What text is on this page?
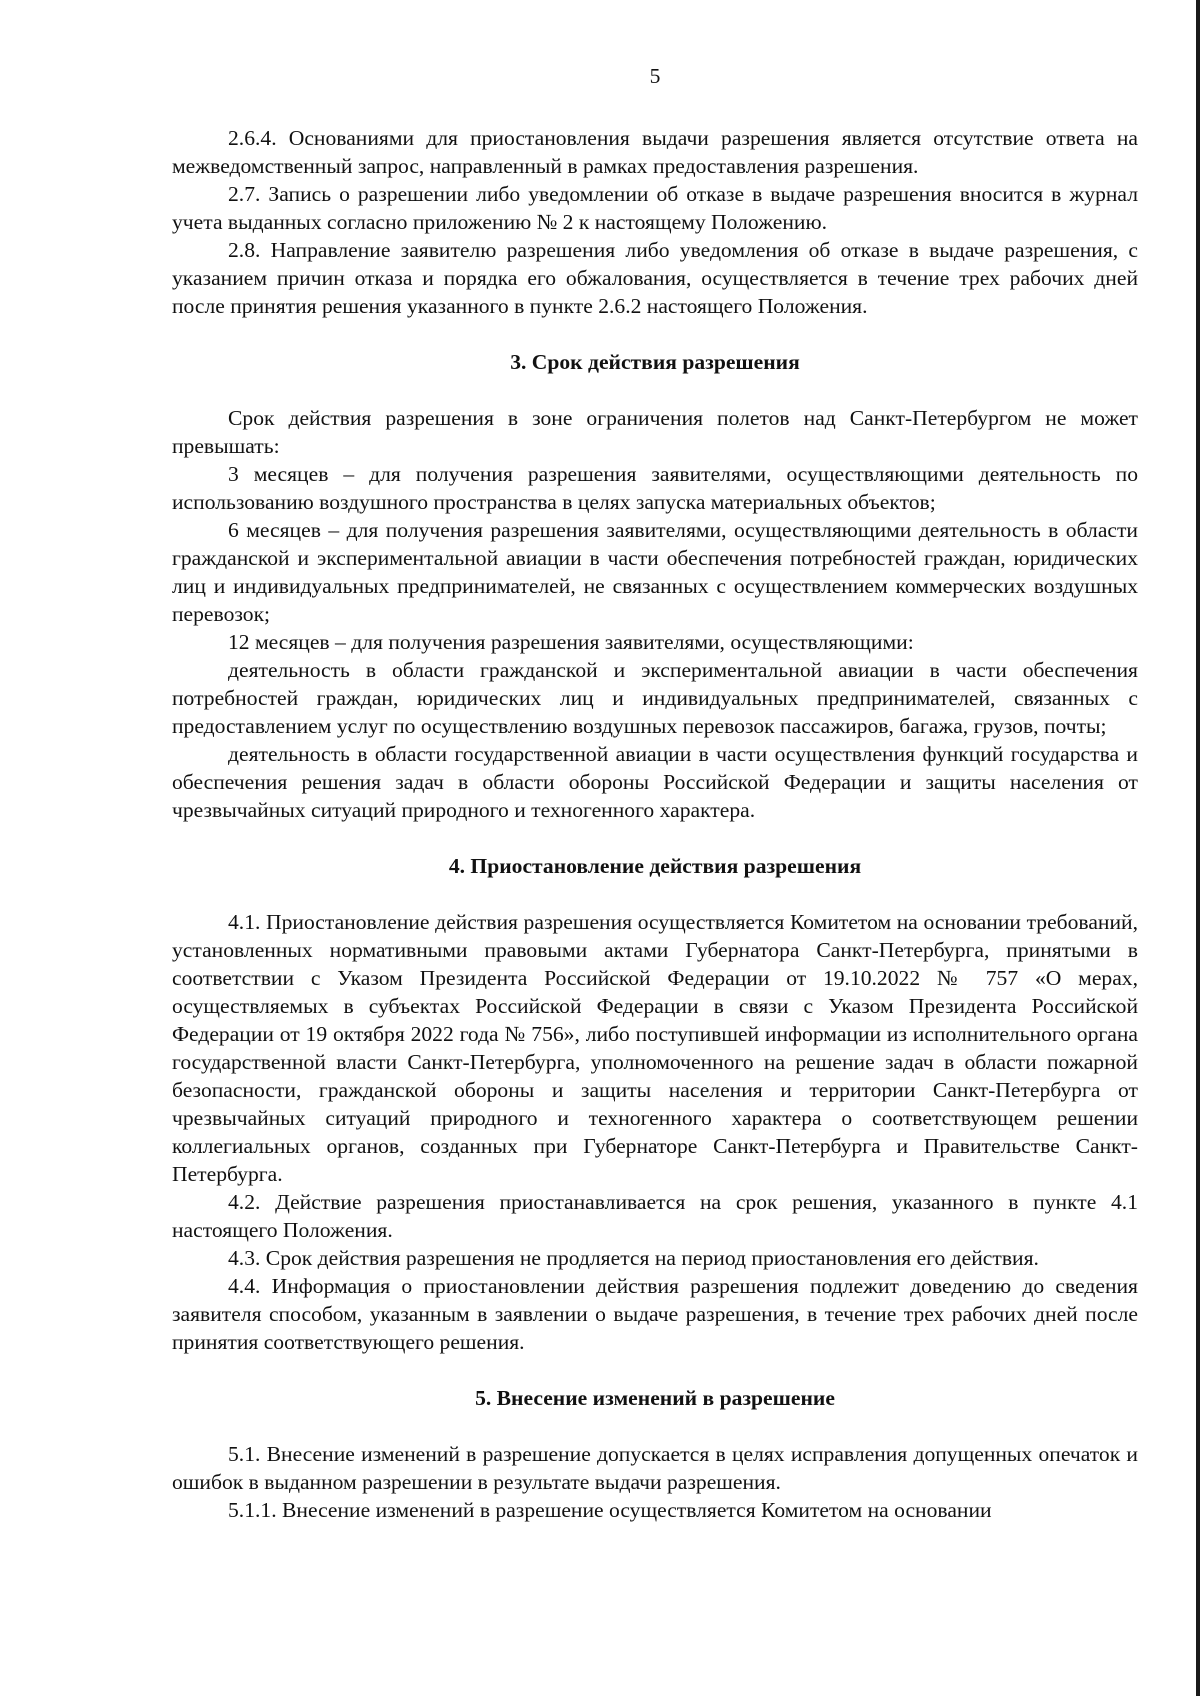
5

2.6.4. Основаниями для приостановления выдачи разрешения является отсутствие ответа на межведомственный запрос, направленный в рамках предоставления разрешения.

2.7. Запись о разрешении либо уведомлении об отказе в выдаче разрешения вносится в журнал учета выданных согласно приложению № 2 к настоящему Положению.

2.8. Направление заявителю разрешения либо уведомления об отказе в выдаче разрешения, с указанием причин отказа и порядка его обжалования, осуществляется в течение трех рабочих дней после принятия решения указанного в пункте 2.6.2 настоящего Положения.

3. Срок действия разрешения

Срок действия разрешения в зоне ограничения полетов над Санкт-Петербургом не может превышать:

3 месяцев – для получения разрешения заявителями, осуществляющими деятельность по использованию воздушного пространства в целях запуска материальных объектов;

6 месяцев – для получения разрешения заявителями, осуществляющими деятельность в области гражданской и экспериментальной авиации в части обеспечения потребностей граждан, юридических лиц и индивидуальных предпринимателей, не связанных с осуществлением коммерческих воздушных перевозок;

12 месяцев – для получения разрешения заявителями, осуществляющими:

деятельность в области гражданской и экспериментальной авиации в части обеспечения потребностей граждан, юридических лиц и индивидуальных предпринимателей, связанных с предоставлением услуг по осуществлению воздушных перевозок пассажиров, багажа, грузов, почты;

деятельность в области государственной авиации в части осуществления функций государства и обеспечения решения задач в области обороны Российской Федерации и защиты населения от чрезвычайных ситуаций природного и техногенного характера.

4. Приостановление действия разрешения

4.1. Приостановление действия разрешения осуществляется Комитетом на основании требований, установленных нормативными правовыми актами Губернатора Санкт-Петербурга, принятыми в соответствии с Указом Президента Российской Федерации от 19.10.2022 № 757 «О мерах, осуществляемых в субъектах Российской Федерации в связи с Указом Президента Российской Федерации от 19 октября 2022 года № 756», либо поступившей информации из исполнительного органа государственной власти Санкт-Петербурга, уполномоченного на решение задач в области пожарной безопасности, гражданской обороны и защиты населения и территории Санкт-Петербурга от чрезвычайных ситуаций природного и техногенного характера о соответствующем решении коллегиальных органов, созданных при Губернаторе Санкт-Петербурга и Правительстве Санкт-Петербурга.

4.2. Действие разрешения приостанавливается на срок решения, указанного в пункте 4.1 настоящего Положения.

4.3. Срок действия разрешения не продляется на период приостановления его действия.

4.4. Информация о приостановлении действия разрешения подлежит доведению до сведения заявителя способом, указанным в заявлении о выдаче разрешения, в течение трех рабочих дней после принятия соответствующего решения.

5. Внесение изменений в разрешение

5.1. Внесение изменений в разрешение допускается в целях исправления допущенных опечаток и ошибок в выданном разрешении в результате выдачи разрешения.

5.1.1. Внесение изменений в разрешение осуществляется Комитетом на основании
